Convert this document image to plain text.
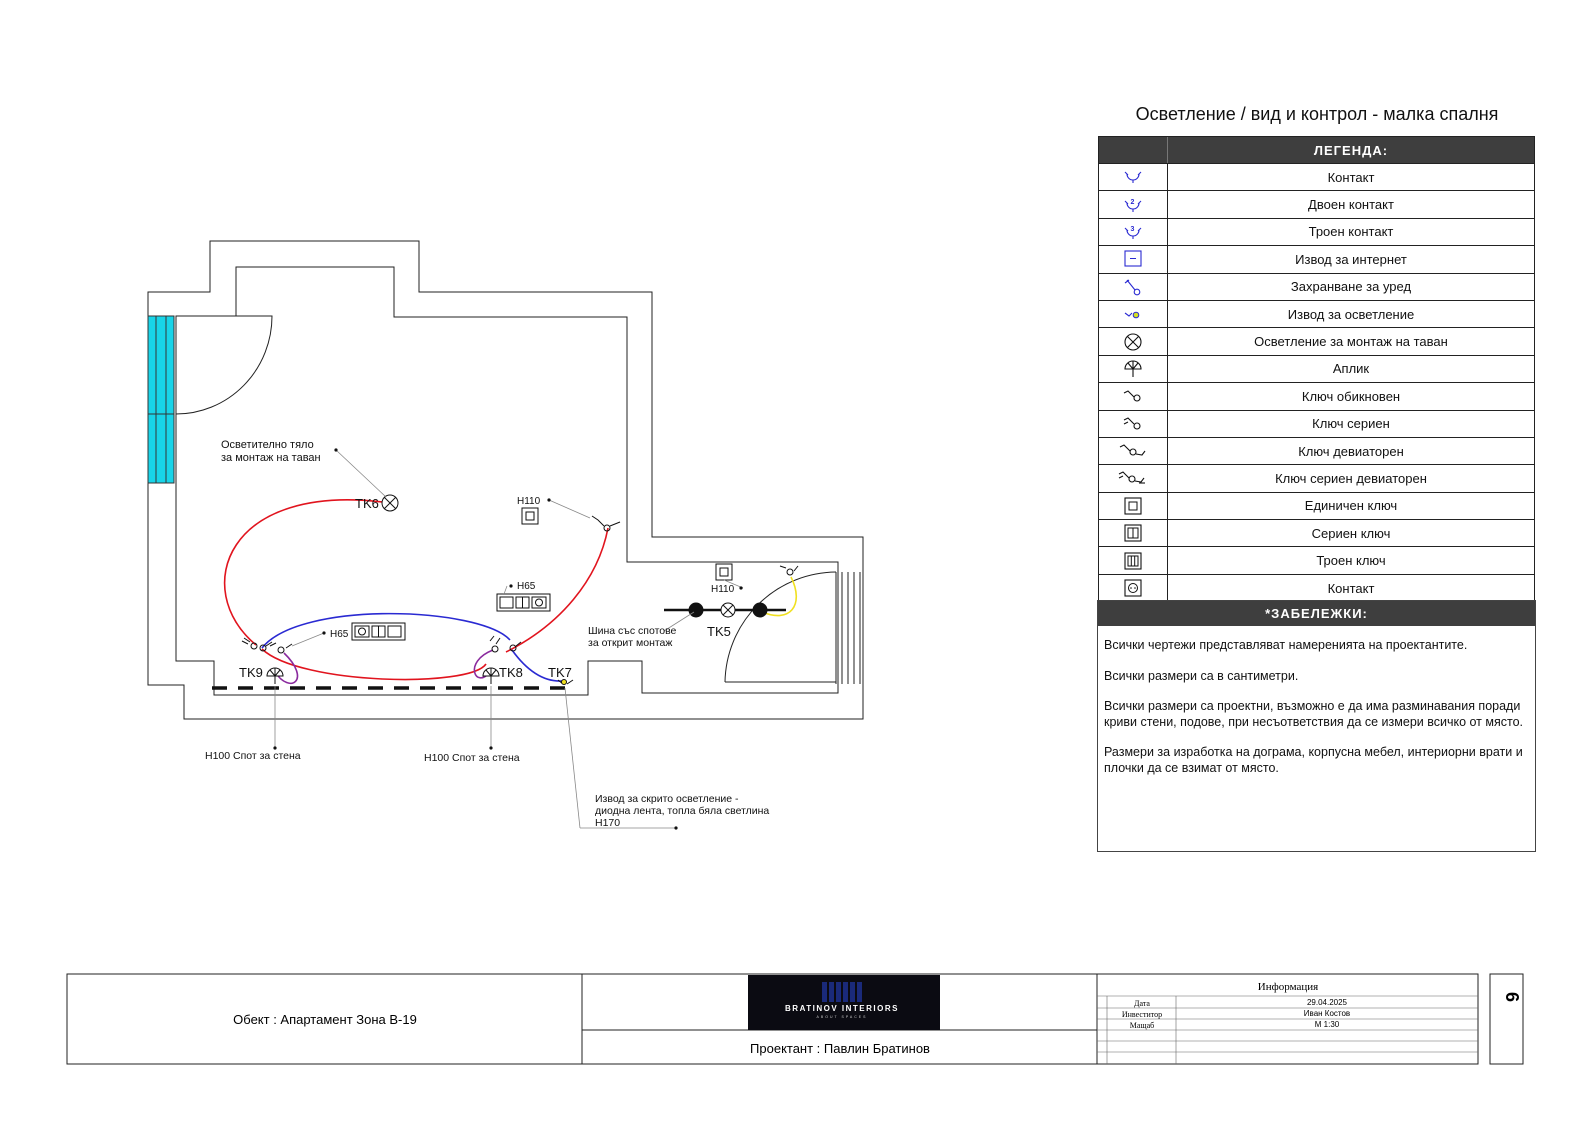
TK6
TK5
TK7
TK8
TK9
Осветително тяло
за монтаж на таван
H110
H110
H65
H65	Шина със спотове
за открит монтаж
H100 Спот за стена	H100 Спот за стена
Извод за скрито осветление -
диодна лента, топла бяла светлина
H170
Осветление / вид и контрол - малка спалня
ЛЕГЕНДА:
Контакт
2	Двоен контакт
3	Троен контакт
Извод за интернет
Захранване за уред
Извод за осветление
Осветление за монтаж на таван
Аплик
Ключ обикновен
Ключ сериен
Ключ девиаторен
Ключ сериен девиаторен
Единичен ключ
Сериен ключ
Троен ключ
Контакт
*ЗАБЕЛЕЖКИ:

Всички чертежи представляват намеренията на проектантите.

Всички размери са в сантиметри.

Всички размери са проектни, възможно е да има разминавания поради криви стени, подове, при несъответствия да се измери всичко от място.

Размери за изработка на дограма, корпусна мебел, интериорни врати и плочки да се взимат от място.

Обект : Апартамент Зона В-19
BRATINOV INTERIORS
ABOUT SPACES
Проектант : Павлин Братинов
Информация
Дата	29.04.2025
Инвеститор	Иван Костов
Мащаб	М 1:30
6
